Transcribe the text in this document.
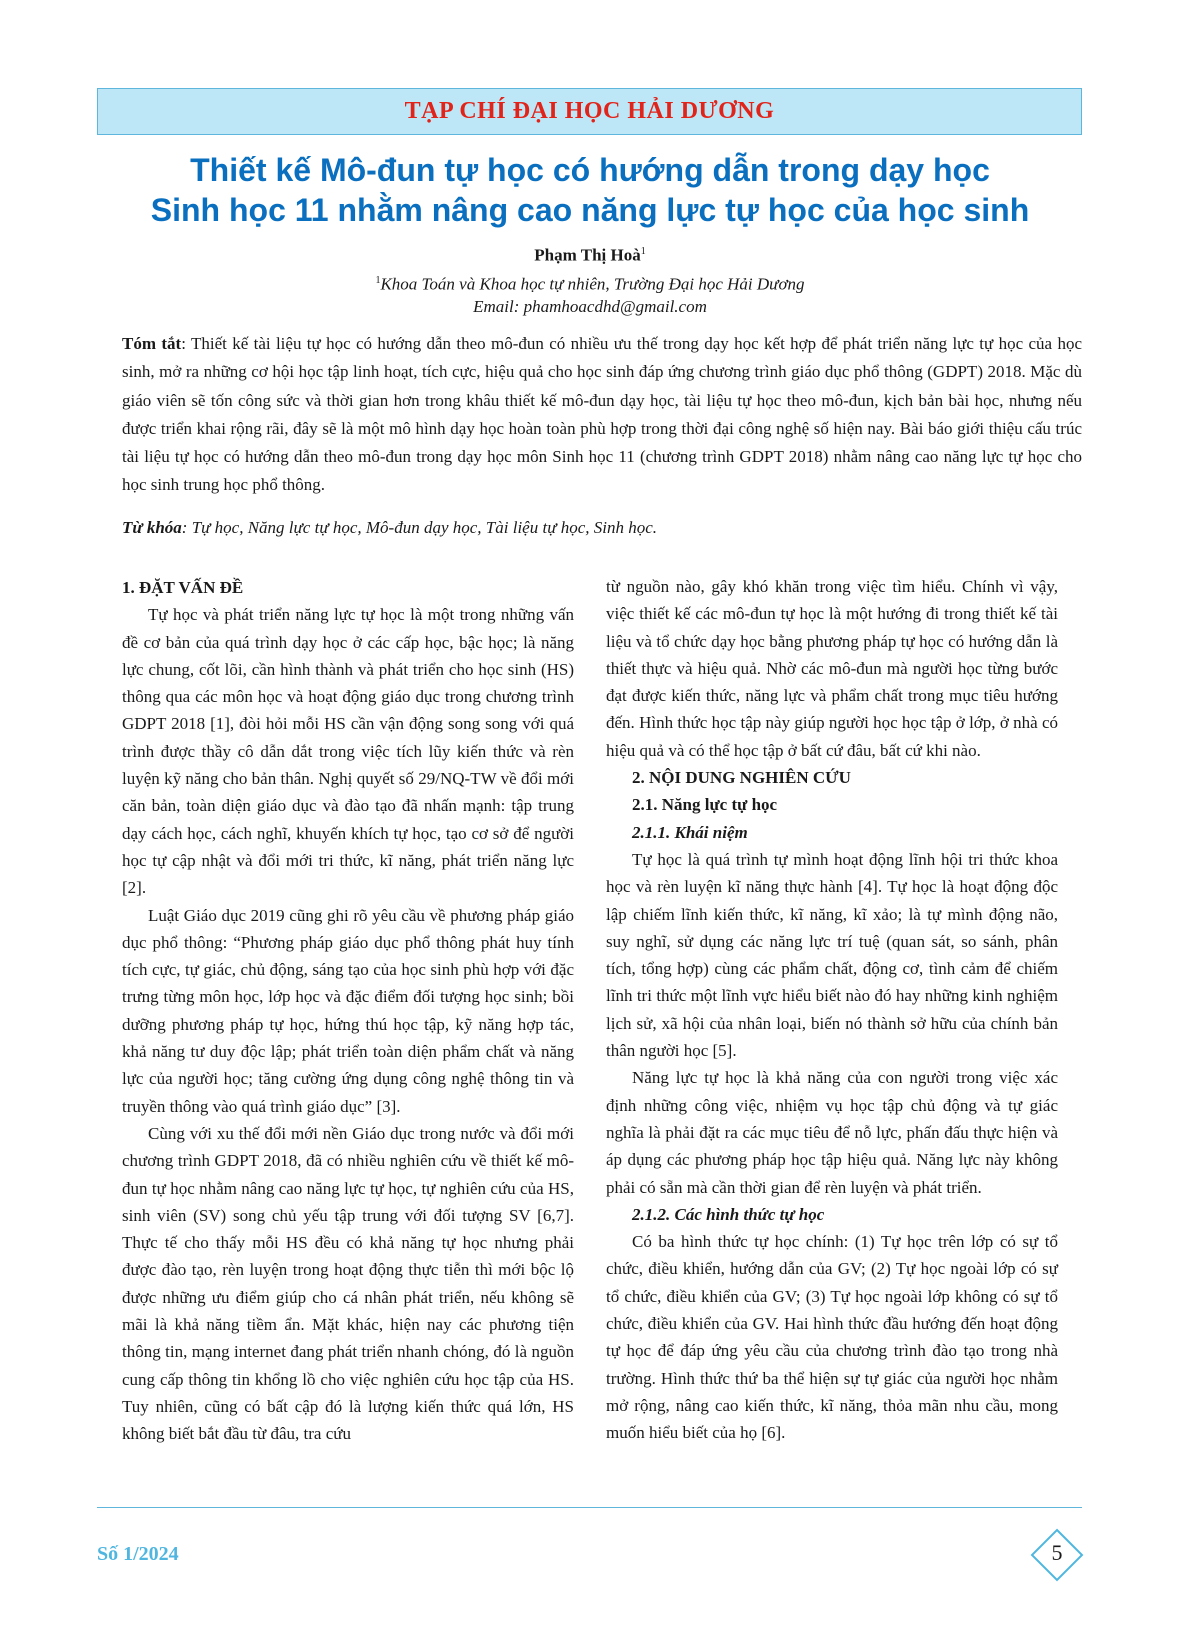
TẠP CHÍ ĐẠI HỌC HẢI DƯƠNG
Thiết kế Mô-đun tự học có hướng dẫn trong dạy học
Sinh học 11 nhằm nâng cao năng lực tự học của học sinh
Phạm Thị Hoà$^1$
$^1$Khoa Toán và Khoa học tự nhiên, Trường Đại học Hải Dương
Email: phamhoacdhd@gmail.com

Tóm tắt: Thiết kế tài liệu tự học có hướng dẫn theo mô-đun có nhiều ưu thế trong dạy học kết hợp để phát triển năng lực tự học của học sinh, mở ra những cơ hội học tập linh hoạt, tích cực, hiệu quả cho học sinh đáp ứng chương trình giáo dục phổ thông (GDPT) 2018. Mặc dù giáo viên sẽ tốn công sức và thời gian hơn trong khâu thiết kế mô-đun dạy học, tài liệu tự học theo mô-đun, kịch bản bài học, nhưng nếu được triển khai rộng rãi, đây sẽ là một mô hình dạy học hoàn toàn phù hợp trong thời đại công nghệ số hiện nay. Bài báo giới thiệu cấu trúc tài liệu tự học có hướng dẫn theo mô-đun trong dạy học môn Sinh học 11 (chương trình GDPT 2018) nhằm nâng cao năng lực tự học cho học sinh trung học phổ thông.

Từ khóa: Tự học, Năng lực tự học, Mô-đun dạy học, Tài liệu tự học, Sinh học.

1. ĐẶT VẤN ĐỀ

Tự học và phát triển năng lực tự học là một trong những vấn đề cơ bản của quá trình dạy học ở các cấp học, bậc học; là năng lực chung, cốt lõi, cần hình thành và phát triển cho học sinh (HS) thông qua các môn học và hoạt động giáo dục trong chương trình GDPT 2018 [1], đòi hỏi mỗi HS cần vận động song song với quá trình được thầy cô dẫn dắt trong việc tích lũy kiến thức và rèn luyện kỹ năng cho bản thân. Nghị quyết số 29/NQ-TW về đổi mới căn bản, toàn diện giáo dục và đào tạo đã nhấn mạnh: tập trung dạy cách học, cách nghĩ, khuyến khích tự học, tạo cơ sở để người học tự cập nhật và đổi mới tri thức, kĩ năng, phát triển năng lực [2].

Luật Giáo dục 2019 cũng ghi rõ yêu cầu về phương pháp giáo dục phổ thông: “Phương pháp giáo dục phổ thông phát huy tính tích cực, tự giác, chủ động, sáng tạo của học sinh phù hợp với đặc trưng từng môn học, lớp học và đặc điểm đối tượng học sinh; bồi dưỡng phương pháp tự học, hứng thú học tập, kỹ năng hợp tác, khả năng tư duy độc lập; phát triển toàn diện phẩm chất và năng lực của người học; tăng cường ứng dụng công nghệ thông tin và truyền thông vào quá trình giáo dục” [3].

Cùng với xu thế đổi mới nền Giáo dục trong nước và đổi mới chương trình GDPT 2018, đã có nhiều nghiên cứu về thiết kế mô-đun tự học nhằm nâng cao năng lực tự học, tự nghiên cứu của HS, sinh viên (SV) song chủ yếu tập trung với đối tượng SV [6,7]. Thực tế cho thấy mỗi HS đều có khả năng tự học nhưng phải được đào tạo, rèn luyện trong hoạt động thực tiễn thì mới bộc lộ được những ưu điểm giúp cho cá nhân phát triển, nếu không sẽ mãi là khả năng tiềm ẩn. Mặt khác, hiện nay các phương tiện thông tin, mạng internet đang phát triển nhanh chóng, đó là nguồn cung cấp thông tin khổng lồ cho việc nghiên cứu học tập của HS. Tuy nhiên, cũng có bất cập đó là lượng kiến thức quá lớn, HS không biết bắt đầu từ đâu, tra cứu

từ nguồn nào, gây khó khăn trong việc tìm hiểu. Chính vì vậy, việc thiết kế các mô-đun tự học là một hướng đi trong thiết kế tài liệu và tổ chức dạy học bằng phương pháp tự học có hướng dẫn là thiết thực và hiệu quả. Nhờ các mô-đun mà người học từng bước đạt được kiến thức, năng lực và phẩm chất trong mục tiêu hướng đến. Hình thức học tập này giúp người học học tập ở lớp, ở nhà có hiệu quả và có thể học tập ở bất cứ đâu, bất cứ khi nào.

2. NỘI DUNG NGHIÊN CỨU

2.1. Năng lực tự học

2.1.1. Khái niệm

Tự học là quá trình tự mình hoạt động lĩnh hội tri thức khoa học và rèn luyện kĩ năng thực hành [4]. Tự học là hoạt động độc lập chiếm lĩnh kiến thức, kĩ năng, kĩ xảo; là tự mình động não, suy nghĩ, sử dụng các năng lực trí tuệ (quan sát, so sánh, phân tích, tổng hợp) cùng các phẩm chất, động cơ, tình cảm để chiếm lĩnh tri thức một lĩnh vực hiểu biết nào đó hay những kinh nghiệm lịch sử, xã hội của nhân loại, biến nó thành sở hữu của chính bản thân người học [5].

Năng lực tự học là khả năng của con người trong việc xác định những công việc, nhiệm vụ học tập chủ động và tự giác nghĩa là phải đặt ra các mục tiêu để nỗ lực, phấn đấu thực hiện và áp dụng các phương pháp học tập hiệu quả. Năng lực này không phải có sẵn mà cần thời gian để rèn luyện và phát triển.

2.1.2. Các hình thức tự học

Có ba hình thức tự học chính: (1) Tự học trên lớp có sự tổ chức, điều khiển, hướng dẫn của GV; (2) Tự học ngoài lớp có sự tổ chức, điều khiển của GV; (3) Tự học ngoài lớp không có sự tổ chức, điều khiển của GV. Hai hình thức đầu hướng đến hoạt động tự học để đáp ứng yêu cầu của chương trình đào tạo trong nhà trường. Hình thức thứ ba thể hiện sự tự giác của người học nhằm mở rộng, nâng cao kiến thức, kĩ năng, thỏa mãn nhu cầu, mong muốn hiểu biết của họ [6].

Số 1/2024	5
